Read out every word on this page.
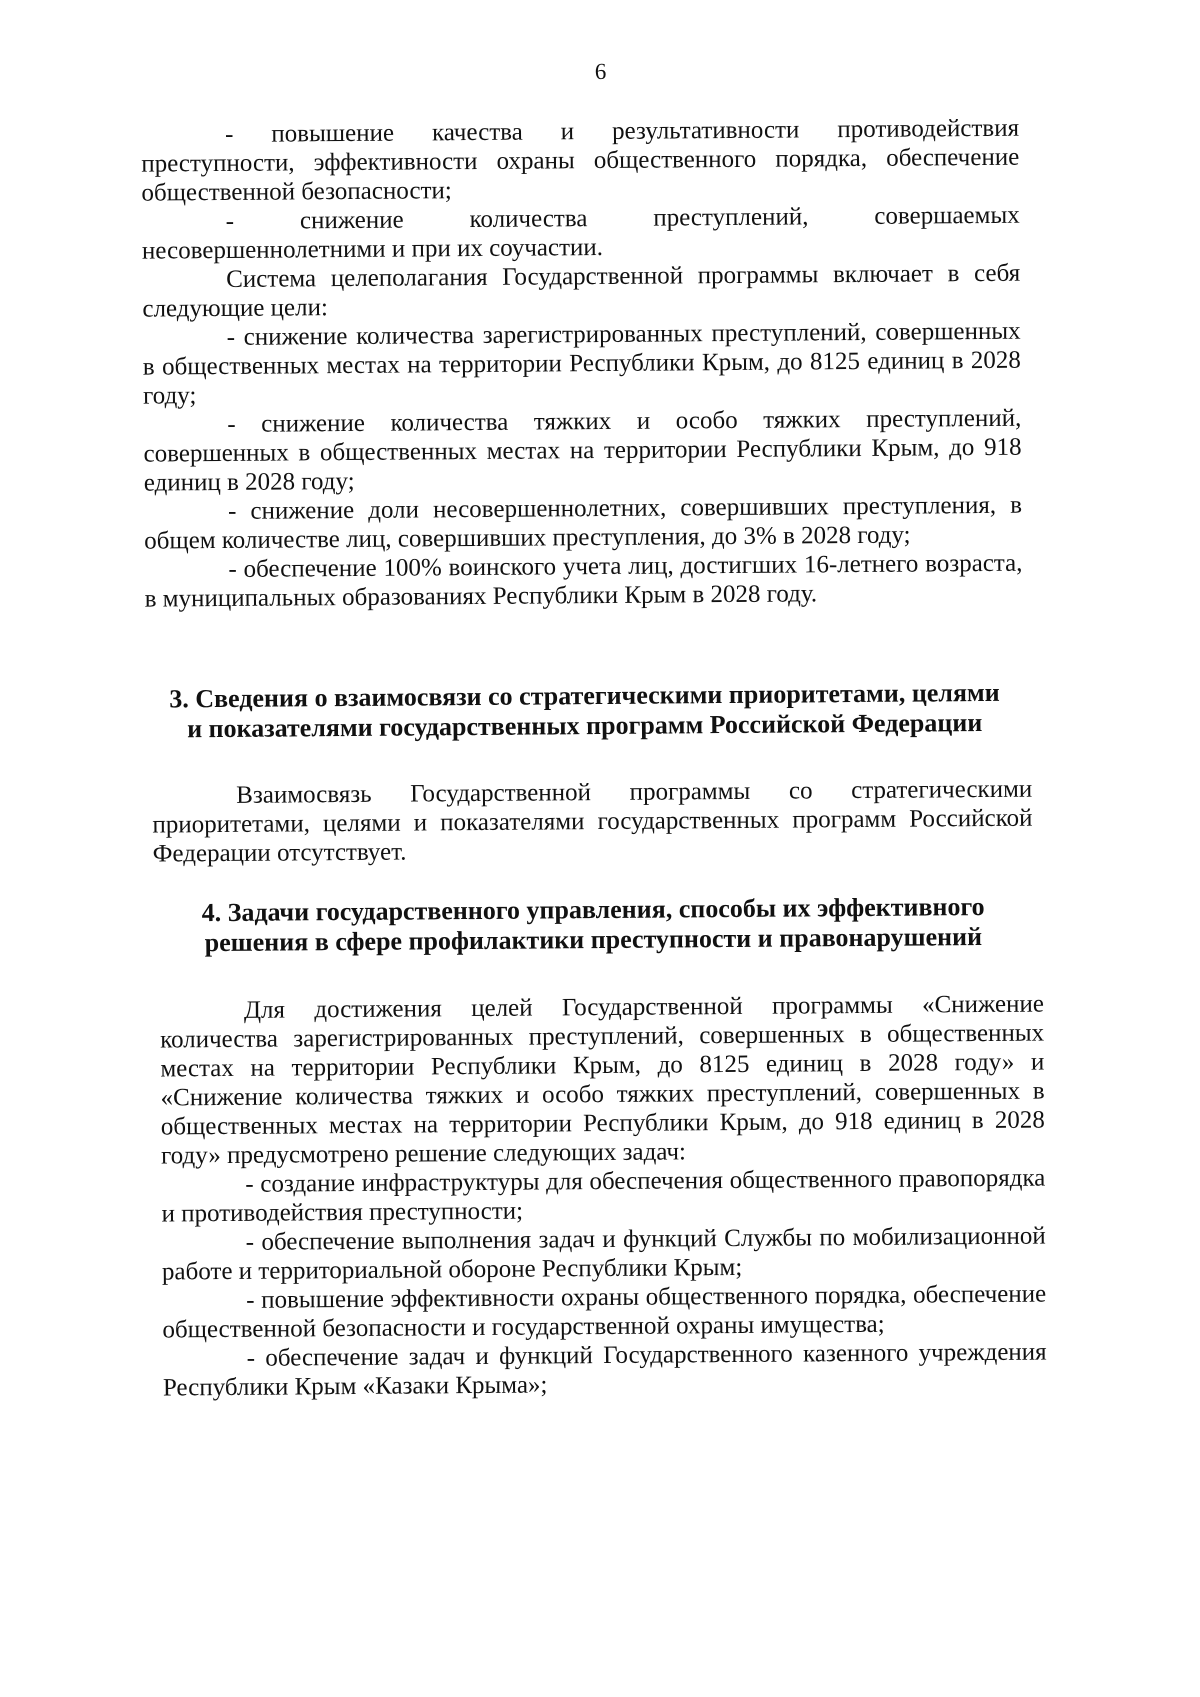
6

- повышение качества и результативности противодействия преступности, эффективности охраны общественного порядка, обеспечение общественной безопасности;

- снижение количества преступлений, совершаемых несовершеннолетними и при их соучастии.

Система целеполагания Государственной программы включает в себя следующие цели:

- снижение количества зарегистрированных преступлений, совершенных в общественных местах на территории Республики Крым, до 8125 единиц в 2028 году;

- снижение количества тяжких и особо тяжких преступлений, совершенных в общественных местах на территории Республики Крым, до 918 единиц в 2028 году;

- снижение доли несовершеннолетних, совершивших преступления, в общем количестве лиц, совершивших преступления, до 3% в 2028 году;

- обеспечение 100% воинского учета лиц, достигших 16-летнего возраста, в муниципальных образованиях Республики Крым в 2028 году.

3. Сведения о взаимосвязи со стратегическими приоритетами, целями

и показателями государственных программ Российской Федерации

Взаимосвязь Государственной программы со стратегическими приоритетами, целями и показателями государственных программ Российской Федерации отсутствует.

4. Задачи государственного управления, способы их эффективного

решения в сфере профилактики преступности и правонарушений

Для достижения целей Государственной программы «Снижение количества зарегистрированных преступлений, совершенных в общественных местах на территории Республики Крым, до 8125 единиц в 2028 году» и «Снижение количества тяжких и особо тяжких преступлений, совершенных в общественных местах на территории Республики Крым, до 918 единиц в 2028 году» предусмотрено решение следующих задач:

- создание инфраструктуры для обеспечения общественного правопорядка и противодействия преступности;

- обеспечение выполнения задач и функций Службы по мобилизационной работе и территориальной обороне Республики Крым;

- повышение эффективности охраны общественного порядка, обеспечение общественной безопасности и государственной охраны имущества;

- обеспечение задач и функций Государственного казенного учреждения Республики Крым «Казаки Крыма»;
